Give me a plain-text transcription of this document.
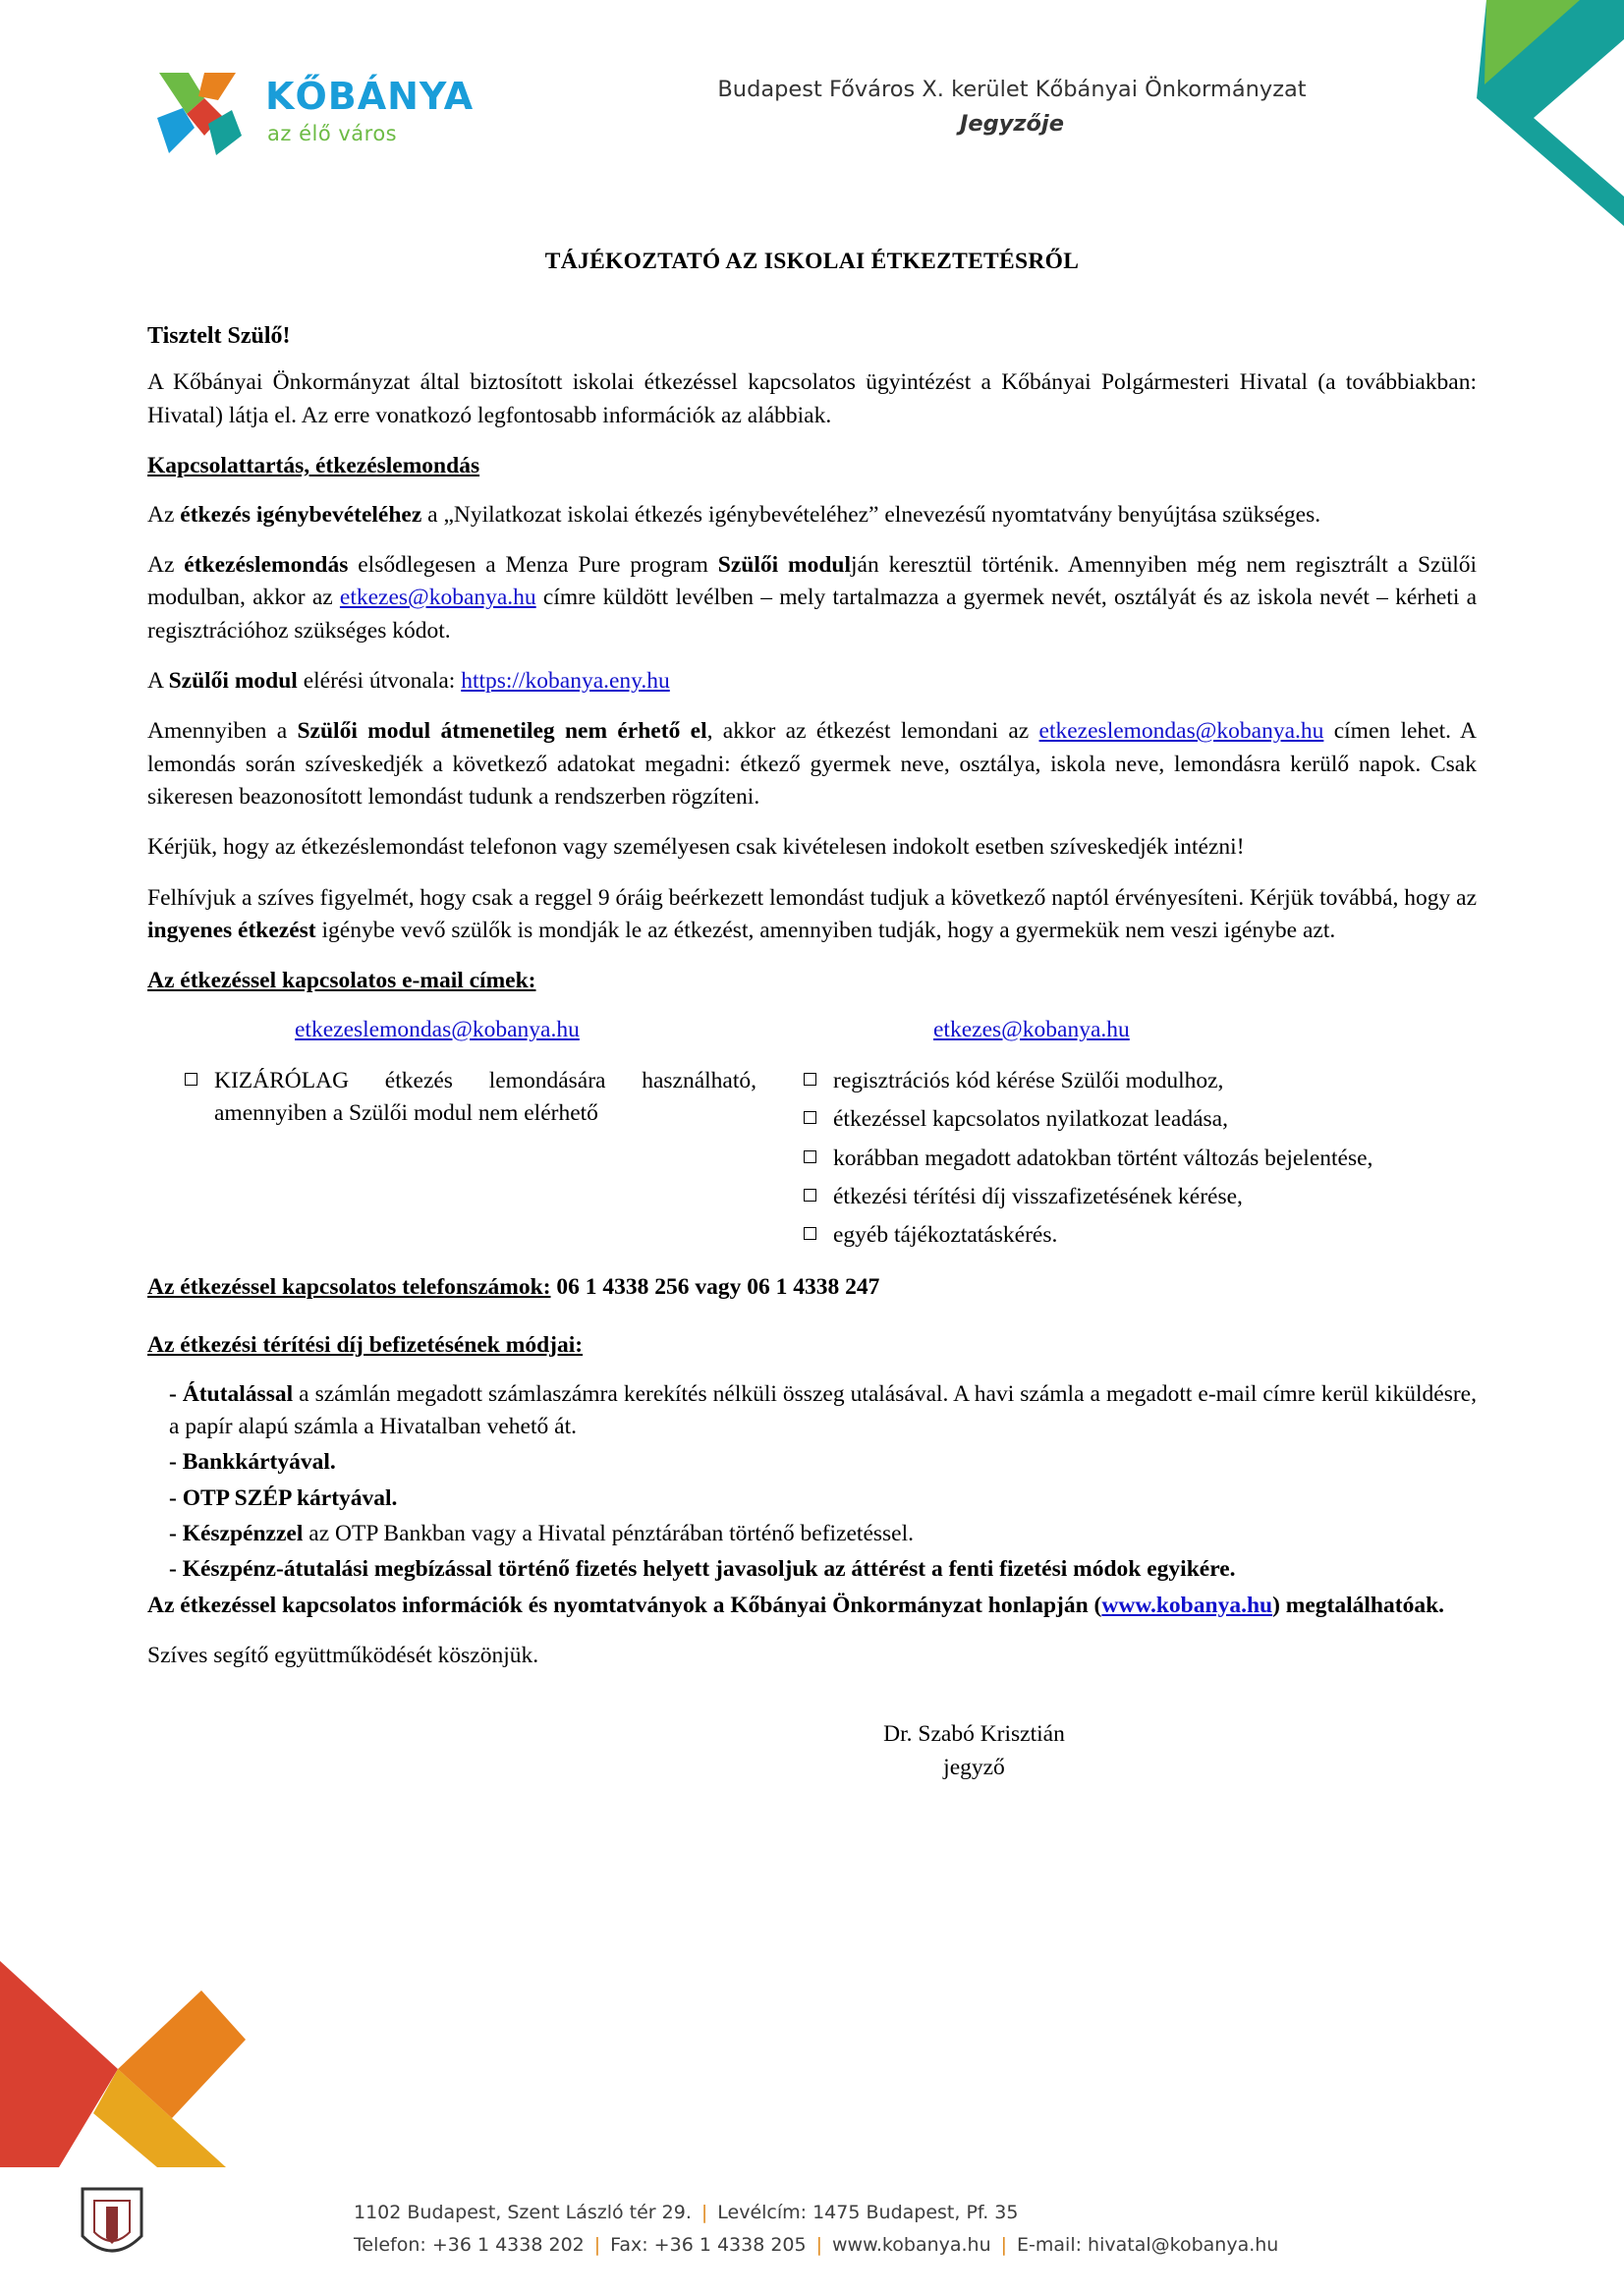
KŐBÁNYA
az élő város
Budapest Főváros X. kerület Kőbányai Önkormányzat
Jegyzője
TÁJÉKOZTATÓ AZ ISKOLAI ÉTKEZTETÉSRŐL
Tisztelt Szülő!

A Kőbányai Önkormányzat által biztosított iskolai étkezéssel kapcsolatos ügyintézést a Kőbányai Polgármesteri Hivatal (a továbbiakban: Hivatal) látja el. Az erre vonatkozó legfontosabb információk az alábbiak.

Kapcsolattartás, étkezéslemondás

Az étkezés igénybevételéhez a „Nyilatkozat iskolai étkezés igénybevételéhez” elnevezésű nyomtatvány benyújtása szükséges.

Az étkezéslemondás elsődlegesen a Menza Pure program Szülői modulján keresztül történik. Amennyiben még nem regisztrált a Szülői modulban, akkor az etkezes@kobanya.hu címre küldött levélben – mely tartalmazza a gyermek nevét, osztályát és az iskola nevét – kérheti a regisztrációhoz szükséges kódot.

A Szülői modul elérési útvonala: https://kobanya.eny.hu

Amennyiben a Szülői modul átmenetileg nem érhető el, akkor az étkezést lemondani az etkezeslemondas@kobanya.hu címen lehet. A lemondás során szíveskedjék a következő adatokat megadni: étkező gyermek neve, osztálya, iskola neve, lemondásra kerülő napok. Csak sikeresen beazonosított lemondást tudunk a rendszerben rögzíteni.

Kérjük, hogy az étkezéslemondást telefonon vagy személyesen csak kivételesen indokolt esetben szíveskedjék intézni!

Felhívjuk a szíves figyelmét, hogy csak a reggel 9 óráig beérkezett lemondást tudjuk a következő naptól érvényesíteni. Kérjük továbbá, hogy az ingyenes étkezést igénybe vevő szülők is mondják le az étkezést, amennyiben tudják, hogy a gyermekük nem veszi igénybe azt.

Az étkezéssel kapcsolatos e-mail címek:
etkezeslemondas@kobanya.hu	etkezes@kobanya.hu
KIZÁRÓLAG étkezés lemondására használható, amennyiben a Szülői modul nem elérhető
regisztrációs kód kérése Szülői modulhoz,
étkezéssel kapcsolatos nyilatkozat leadása,
korábban megadott adatokban történt változás bejelentése,
étkezési térítési díj visszafizetésének kérése,
egyéb tájékoztatáskérés.

Az étkezéssel kapcsolatos telefonszámok: 06 1 4338 256 vagy 06 1 4338 247

Az étkezési térítési díj befizetésének módjai:

- Átutalással a számlán megadott számlaszámra kerekítés nélküli összeg utalásával. A havi számla a megadott e-mail címre kerül kiküldésre, a papír alapú számla a Hivatalban vehető át.

- Bankkártyával.

- OTP SZÉP kártyával.

- Készpénzzel az OTP Bankban vagy a Hivatal pénztárában történő befizetéssel.

- Készpénz-átutalási megbízással történő fizetés helyett javasoljuk az áttérést a fenti fizetési módok egyikére.

Az étkezéssel kapcsolatos információk és nyomtatványok a Kőbányai Önkormányzat honlapján (www.kobanya.hu) megtalálhatóak.

Szíves segítő együttműködését köszönjük.

Dr. Szabó Krisztián
jegyző
1102 Budapest, Szent László tér 29. | Levélcím: 1475 Budapest, Pf. 35
Telefon: +36 1 4338 202 | Fax: +36 1 4338 205 | www.kobanya.hu | E-mail: hivatal@kobanya.hu
